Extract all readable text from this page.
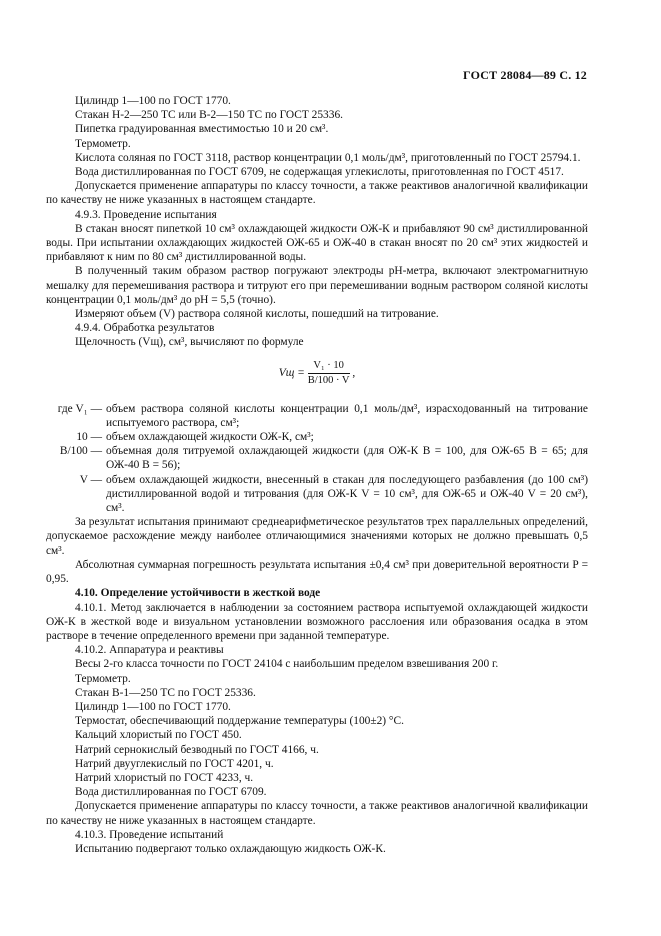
ГОСТ 28084—89 С. 12

Цилиндр 1—100 по ГОСТ 1770.

Стакан Н-2—250 ТС или В-2—150 ТС по ГОСТ 25336.

Пипетка градуированная вместимостью 10 и 20 см³.

Термометр.

Кислота соляная по ГОСТ 3118, раствор концентрации 0,1 моль/дм³, приготовленный по ГОСТ 25794.1.

Вода дистиллированная по ГОСТ 6709, не содержащая углекислоты, приготовленная по ГОСТ 4517.

Допускается применение аппаратуры по классу точности, а также реактивов аналогичной квалификации по качеству не ниже указанных в настоящем стандарте.

4.9.3. Проведение испытания

В стакан вносят пипеткой 10 см³ охлаждающей жидкости ОЖ-К и прибавляют 90 см³ дистиллированной воды. При испытании охлаждающих жидкостей ОЖ-65 и ОЖ-40 в стакан вносят по 20 см³ этих жидкостей и прибавляют к ним по 80 см³ дистиллированной воды.

В полученный таким образом раствор погружают электроды pH-метра, включают электромагнитную мешалку для перемешивания раствора и титруют его при перемешивании водным раствором соляной кислоты концентрации 0,1 моль/дм³ до pH = 5,5 (точно).

Измеряют объем (V) раствора соляной кислоты, пошедший на титрование.

4.9.4. Обработка результатов

Щелочность (Vщ), см³, вычисляют по формуле

Vщ = $\frac{\text{V₁ · 10}}{B/100 \cdot V}$ ,
где V₁ — объем раствора соляной кислоты концентрации 0,1 моль/дм³, израсходованный на титрование испытуемого раствора, см³;
10 — объем охлаждающей жидкости ОЖ-К, см³;
B/100 — объемная доля титруемой охлаждающей жидкости (для ОЖ-К В = 100, для ОЖ-65 В = 65; для ОЖ-40 В = 56);
V — объем охлаждающей жидкости, внесенный в стакан для последующего разбавления (до 100 см³) дистиллированной водой и титрования (для ОЖ-К V = 10 см³, для ОЖ-65 и ОЖ-40 V = 20 см³), см³.

За результат испытания принимают среднеарифметическое результатов трех параллельных определений, допускаемое расхождение между наиболее отличающимися значениями которых не должно превышать 0,5 см³.

Абсолютная суммарная погрешность результата испытания ±0,4 см³ при доверительной вероятности P = 0,95.

4.10. Определение устойчивости в жесткой воде

4.10.1. Метод заключается в наблюдении за состоянием раствора испытуемой охлаждающей жидкости ОЖ-К в жесткой воде и визуальном установлении возможного расслоения или образования осадка в этом растворе в течение определенного времени при заданной температуре.

4.10.2. Аппаратура и реактивы

Весы 2-го класса точности по ГОСТ 24104 с наибольшим пределом взвешивания 200 г.

Термометр.

Стакан В-1—250 ТС по ГОСТ 25336.

Цилиндр 1—100 по ГОСТ 1770.

Термостат, обеспечивающий поддержание температуры (100±2) °С.

Кальций хлористый по ГОСТ 450.

Натрий сернокислый безводный по ГОСТ 4166, ч.

Натрий двууглекислый по ГОСТ 4201, ч.

Натрий хлористый по ГОСТ 4233, ч.

Вода дистиллированная по ГОСТ 6709.

Допускается применение аппаратуры по классу точности, а также реактивов аналогичной квалификации по качеству не ниже указанных в настоящем стандарте.

4.10.3. Проведение испытаний

Испытанию подвергают только охлаждающую жидкость ОЖ-К.
